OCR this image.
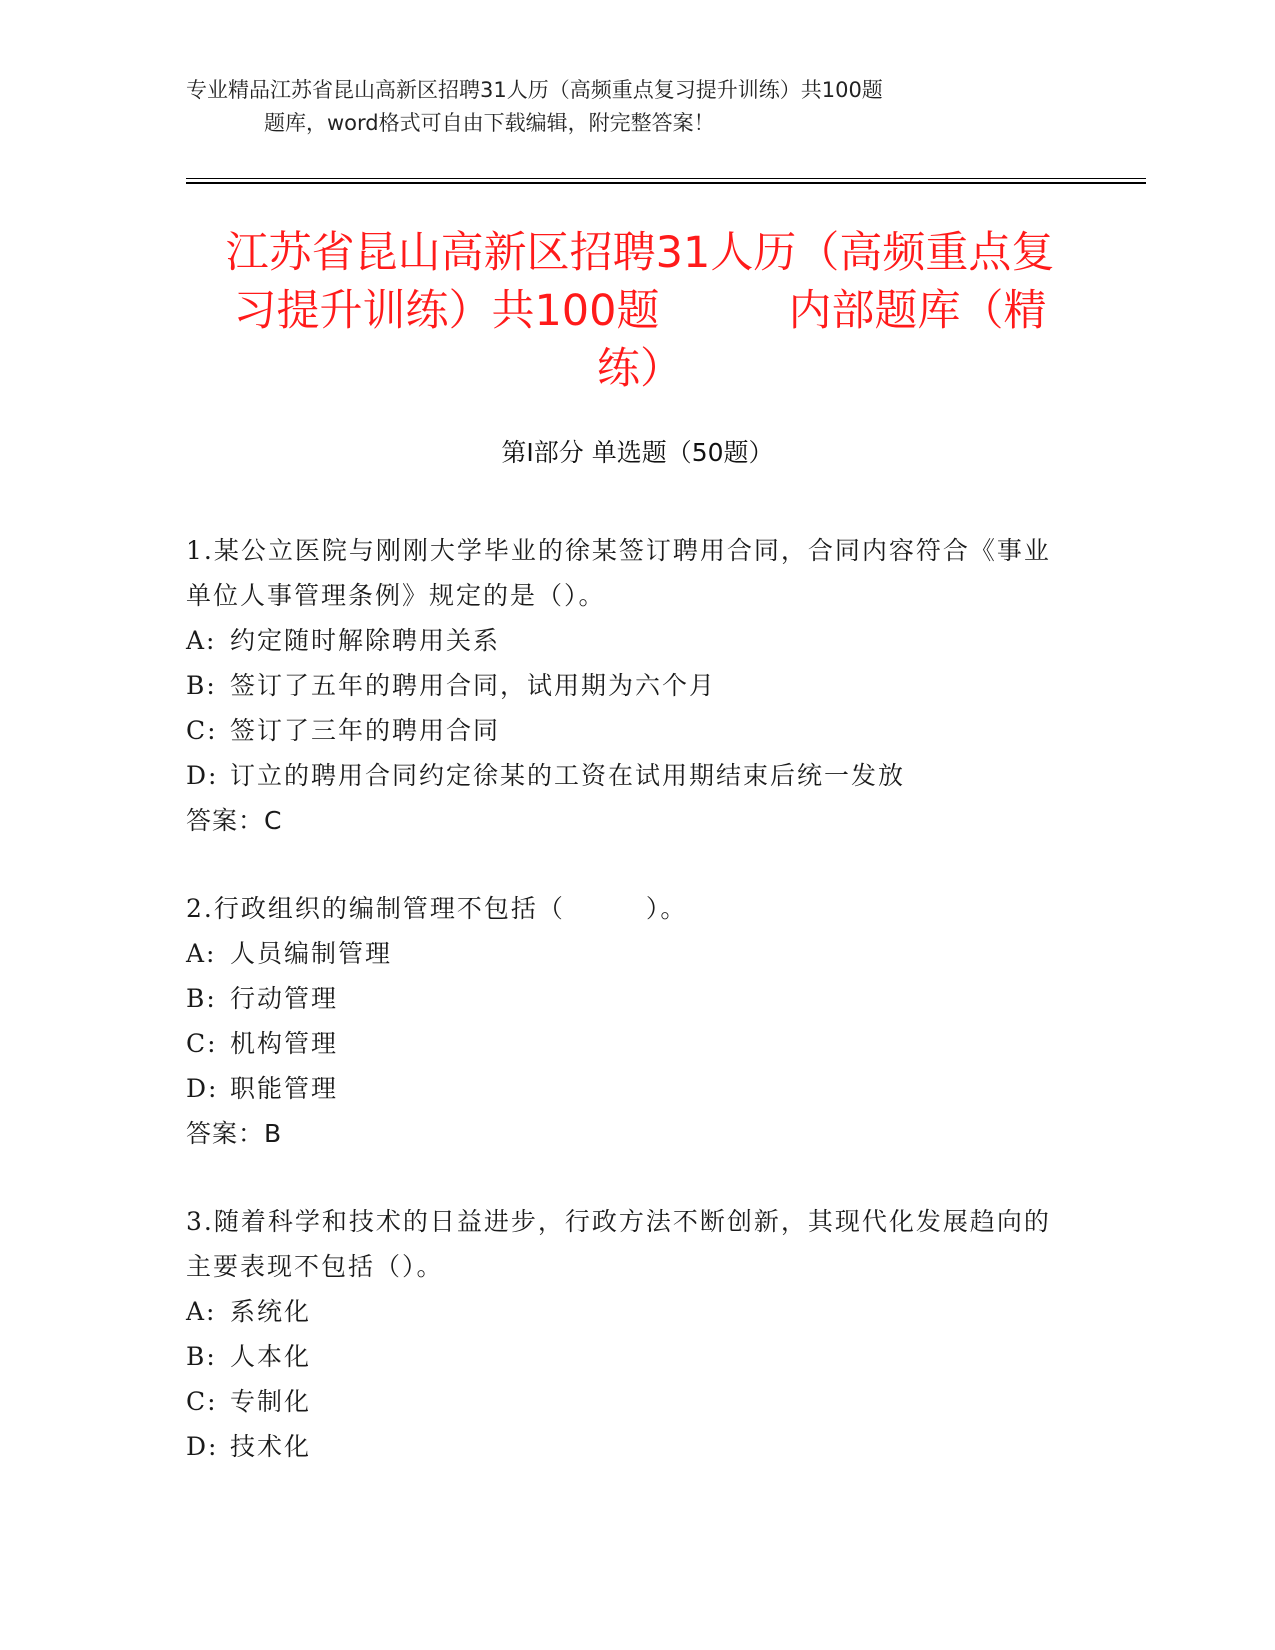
专业精品江苏省昆山高新区招聘31人历（高频重点复习提升训练）共100题
题库，word格式可自由下载编辑，附完整答案！
江苏省昆山高新区招聘31人历（高频重点复
习提升训练）共100题　　　内部题库（精
练）
第I部分 单选题（50题）

1.某公立医院与刚刚大学毕业的徐某签订聘用合同，合同内容符合《事业单位人事管理条例》规定的是（）。

A: 约定随时解除聘用关系
B: 签订了五年的聘用合同，试用期为六个月
C: 签订了三年的聘用合同
D: 订立的聘用合同约定徐某的工资在试用期结束后统一发放
答案：C

2.行政组织的编制管理不包括（　　　）。

A: 人员编制管理
B: 行动管理
C: 机构管理
D: 职能管理
答案：B

3.随着科学和技术的日益进步，行政方法不断创新，其现代化发展趋向的主要表现不包括（）。

A: 系统化
B: 人本化
C: 专制化
D: 技术化
